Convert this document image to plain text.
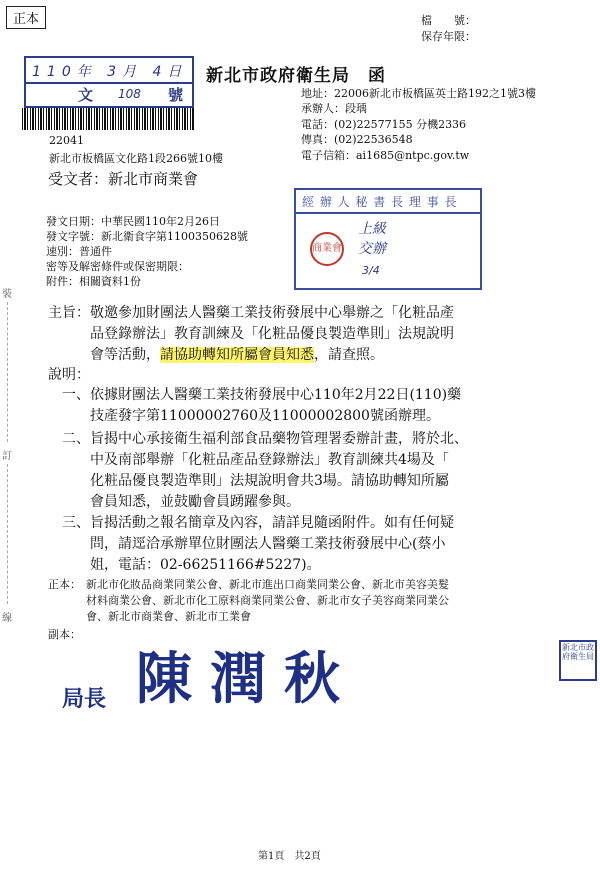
正本	檔　　號：
保存年限：
110年 3月 4日
文 108 號
新北市政府衛生局　函
地址：22006新北市板橋區英士路192之1號3樓
承辦人：段瑀
電話：(02)22577155 分機2336
傳真：(02)22536548
電子信箱：ai1685@ntpc.gov.tw
22041
新北市板橋區文化路1段266號10樓
受文者：新北市商業會
經 辦 人 秘 書 長 理 事 長
商業會
上級
交辦
3/4
發文日期：中華民國110年2月26日
發文字號：新北衛食字第1100350628號
速別：普通件
密等及解密條件或保密期限：
附件：相關資料1份
裝
訂
線
主旨： 敬邀參加財團法人醫藥工業技術發展中心舉辦之「化粧品產
品登錄辦法」教育訓練及「化粧品優良製造準則」法規說明
會等活動，請協助轉知所屬會員知悉，請查照。
說明：
一、依據財團法人醫藥工業技術發展中心110年2月22日(110)藥
技產發字第11000002760及11000002800號函辦理。
二、旨揭中心承接衛生福利部食品藥物管理署委辦計畫，將於北、
中及南部舉辦「化粧品產品登錄辦法」教育訓練共4場及「
化粧品優良製造準則」法規說明會共3場。請協助轉知所屬
會員知悉，並鼓勵會員踴躍參與。
三、旨揭活動之報名簡章及內容，請詳見隨函附件。如有任何疑
問，請逕洽承辦單位財團法人醫藥工業技術發展中心(蔡小
姐，電話：02-66251166#5227)。
正本： 新北市化妝品商業同業公會、新北市進出口商業同業公會、新北市美容美髮
材料商業公會、新北市化工原料商業同業公會、新北市女子美容商業同業公
會、新北市商業會、新北市工業會
副本：
新北市政府衛生局
局長 陳潤秋
第1頁　共2頁
